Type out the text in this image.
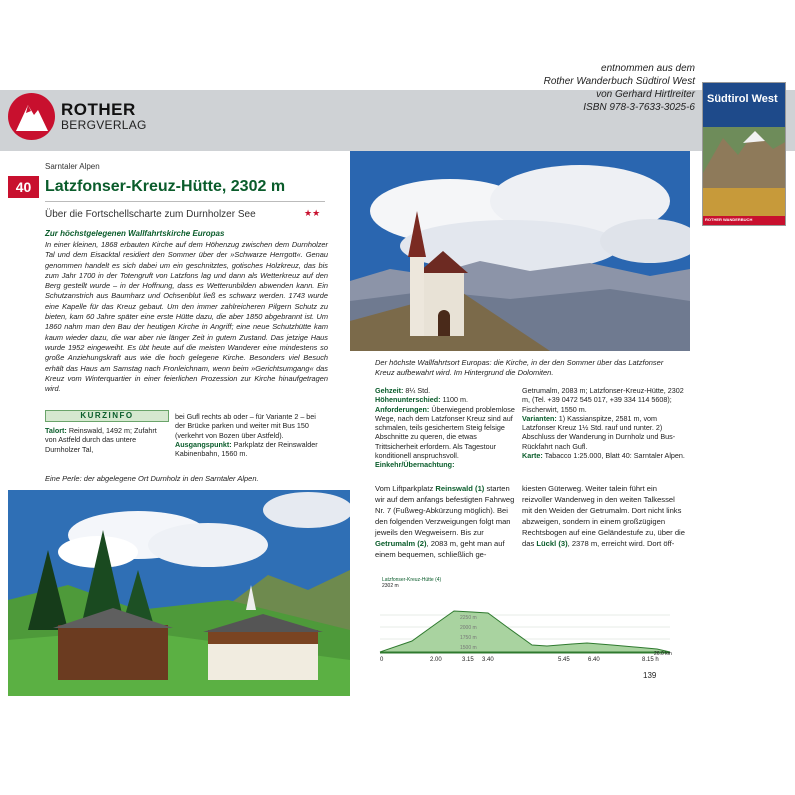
ROTHER
BERGVERLAG
entnommen aus dem
Rother Wanderbuch Südtirol West
von Gerhard Hirtlreiter
ISBN 978-3-7633-3025-6
Südtirol West
ROTHER WANDERBUCH
Sarntaler Alpen
40 Latzfonser-Kreuz-Hütte, 2302 m
Über die Fortschellscharte zum Durnholzer See	★★
Zur höchstgelegenen Wallfahrtskirche Europas
In einer kleinen, 1868 erbauten Kirche auf dem Höhenzug zwischen dem Durnholzer Tal und dem Eisacktal residiert den Sommer über der »Schwarze Herrgott«. Genau genommen handelt es sich dabei um ein geschnitztes, gotisches Holzkreuz, das bis zum Jahr 1700 in der Totengruft von Latzfons lag und dann als Wetterkreuz auf den Berg gestellt wurde – in der Hoffnung, dass es Wetterunbilden abwenden kann. Ein Schutzanstrich aus Baumharz und Ochsenblut ließ es schwarz werden. 1743 wurde eine Kapelle für das Kreuz gebaut. Um den immer zahlreicheren Pilgern Schutz zu bieten, kam 60 Jahre später eine erste Hütte dazu, die aber 1850 abgebrannt ist. Um 1860 nahm man den Bau der heutigen Kirche in Angriff; eine neue Schutzhütte kam kaum wieder dazu, die war aber nie länger Zeit in gutem Zustand. Das jetzige Haus wurde 1952 eingeweiht. Es übt heute auf die meisten Wanderer eine mindestens so große Anziehungskraft aus wie die hoch gelegene Kirche. Besonders viel Besuch erhält das Haus am Samstag nach Fronleichnam, wenn beim »Gerichtsumgang« das Kreuz vom Winterquartier in einer feierlichen Prozession zur Kirche hinaufgetragen wird.
KURZINFO
Talort: Reinswald, 1492 m; Zufahrt von Astfeld durch das untere Durnholzer Tal,
bei Gufl rechts ab oder – für Variante 2 – bei der Brücke parken und weiter mit Bus 150 (verkehrt von Bozen über Astfeld). Ausgangspunkt: Parkplatz der Reinswalder Kabinenbahn, 1560 m.
Eine Perle: der abgelegene Ort Durnholz in den Sarntaler Alpen.
Der höchste Wallfahrtsort Europas: die Kirche, in der den Sommer über das Latzfonser Kreuz aufbewahrt wird. Im Hintergrund die Dolomiten.
Gehzeit: 8¼ Std.
Höhenunterschied: 1100 m.
Anforderungen: Überwiegend problemlose Wege, nach dem Latzfonser Kreuz sind auf schmalen, teils gesichertem Steig felsige Abschnitte zu queren, die etwas Trittsicherheit erfordern. Als Tagestour konditionell anspruchsvoll.
Einkehr/Übernachtung:
Getrumalm, 2083 m; Latzfonser-Kreuz-Hütte, 2302 m, (Tel. +39 0472 545 017, +39 334 114 5608); Fischerwirt, 1550 m.
Varianten: 1) Kassianspitze, 2581 m, vom Latzfonser Kreuz 1½ Std. rauf und runter. 2) Abschluss der Wanderung in Durnholz und Bus-Rückfahrt nach Gufl.
Karte: Tabacco 1:25.000, Blatt 40: Sarntaler Alpen.
Vom Liftparkplatz Reinswald (1) starten wir auf dem anfangs befestigten Fahrweg Nr. 7 (Fußweg-Abkürzung möglich). Bei den folgenden Verzweigungen folgt man jeweils den Wegweisern. Bis zur Getrumalm (2), 2083 m, geht man auf einem bequemen, schließlich ge-
kiesten Güterweg. Weiter talein führt ein reizvoller Wanderweg in den weiten Talkessel mit den Weiden der Getrumalm. Dort nicht links abzweigen, sondern in einem großzügigen Rechtsbogen auf eine Geländestufe zu, über die das Lückl (3), 2378 m, erreicht wird. Dort öff-
Latzfonser-Kreuz-Hütte (4)
2302 m
2250 m
2000 m
1750 m
1500 m
0	2.00	3.15 3.40	5.45	6.40	8.15 h
26.0 km
139
